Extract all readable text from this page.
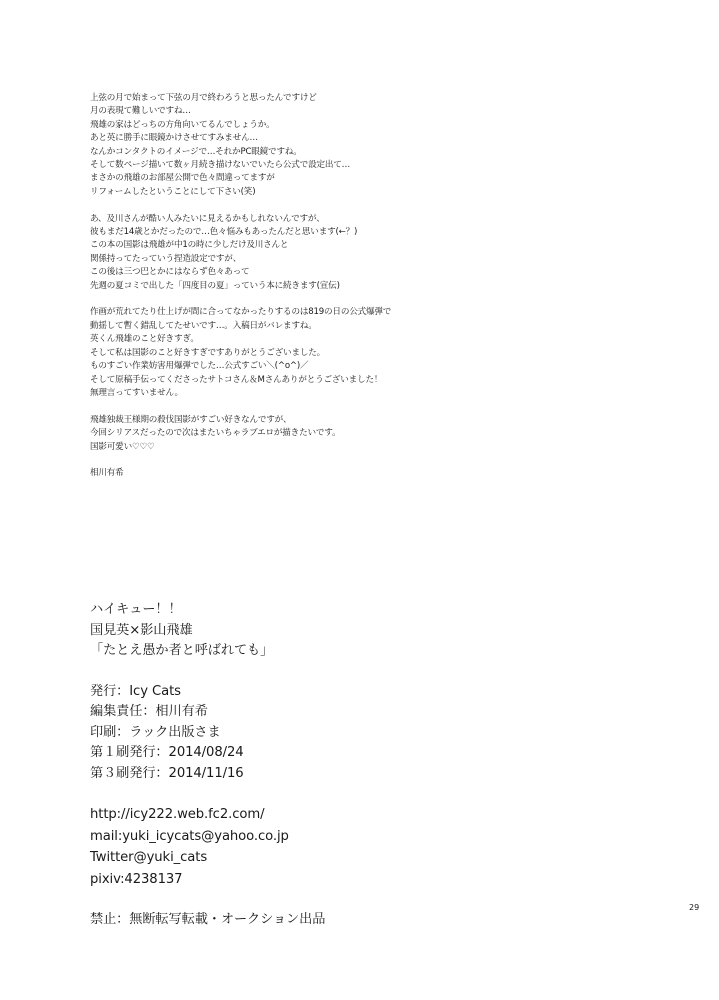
上弦の月で始まって下弦の月で終わろうと思ったんですけど
月の表現て難しいですね…
飛雄の家はどっちの方角向いてるんでしょうか。
あと英に勝手に眼鏡かけさせてすみません…
なんかコンタクトのイメージで…それかPC眼鏡ですね。
そして数ページ描いて数ヶ月続き描けないでいたら公式で設定出て…
まさかの飛雄のお部屋公開で色々間違ってますが
リフォームしたということにして下さい(笑)
あ、及川さんが酷い人みたいに見えるかもしれないんですが、
彼もまだ14歳とかだったので…色々悩みもあったんだと思います(←？)
この本の国影は飛雄が中1の時に少しだけ及川さんと
関係持ってたっていう捏造設定ですが、
この後は三つ巴とかにはならず色々あって
先週の夏コミで出した「四度目の夏」っていう本に続きます(宣伝)
作画が荒れてたり仕上げが間に合ってなかったりするのは819の日の公式爆弾で
動揺して暫く錯乱してたせいです…。入稿日がバレますね。
英くん飛雄のこと好きすぎ。
そして私は国影のこと好きすぎですありがとうございました。
ものすごい作業妨害用爆弾でした…公式すごい＼(^o^)／
そして原稿手伝ってくださったサトコさん＆Mさんありがとうございました！
無理言ってすいません。
飛雄独裁王様期の殺伐国影がすごい好きなんですが、
今回シリアスだったので次はまたいちゃラブエロが描きたいです。
国影可愛い♡♡♡
相川有希
ハイキュー！！
国見英×影山飛雄
「たとえ愚か者と呼ばれても」
発行：Icy Cats
編集責任：相川有希
印刷：ラック出版さま
第１刷発行：2014/08/24
第３刷発行：2014/11/16
http://icy222.web.fc2.com/
mail:yuki_icycats@yahoo.co.jp
Twitter@yuki_cats
pixiv:4238137
禁止：無断転写転載・オークション出品
29
